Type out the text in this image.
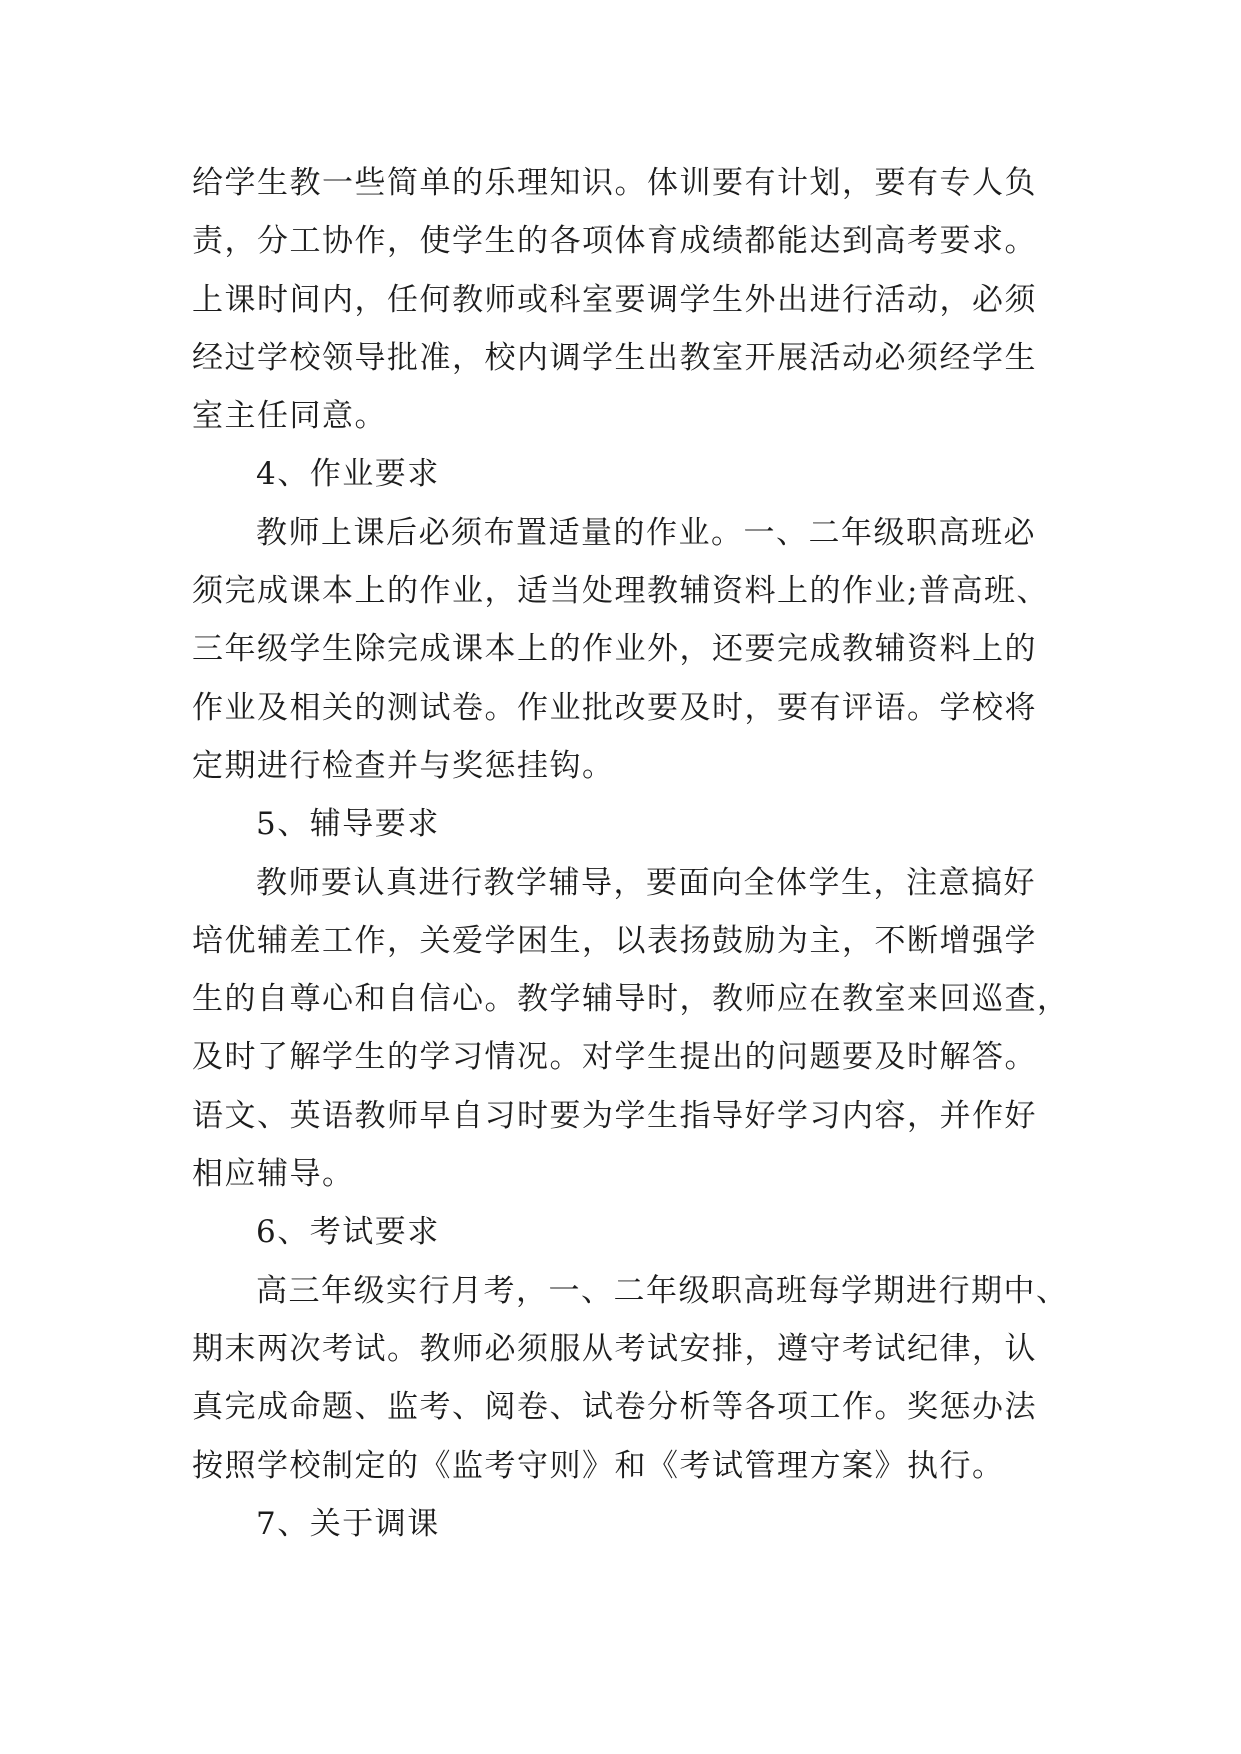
给学生教一些简单的乐理知识。体训要有计划，要有专人负
责，分工协作，使学生的各项体育成绩都能达到高考要求。
上课时间内，任何教师或科室要调学生外出进行活动，必须
经过学校领导批准，校内调学生出教室开展活动必须经学生
室主任同意。
4、作业要求
教师上课后必须布置适量的作业。一、二年级职高班必
须完成课本上的作业，适当处理教辅资料上的作业;普高班、
三年级学生除完成课本上的作业外，还要完成教辅资料上的
作业及相关的测试卷。作业批改要及时，要有评语。学校将
定期进行检查并与奖惩挂钩。
5、辅导要求
教师要认真进行教学辅导，要面向全体学生，注意搞好
培优辅差工作，关爱学困生，以表扬鼓励为主，不断增强学
生的自尊心和自信心。教学辅导时，教师应在教室来回巡查，
及时了解学生的学习情况。对学生提出的问题要及时解答。
语文、英语教师早自习时要为学生指导好学习内容，并作好
相应辅导。
6、考试要求
高三年级实行月考，一、二年级职高班每学期进行期中、
期末两次考试。教师必须服从考试安排，遵守考试纪律，认
真完成命题、监考、阅卷、试卷分析等各项工作。奖惩办法
按照学校制定的《监考守则》和《考试管理方案》执行。
7、关于调课
